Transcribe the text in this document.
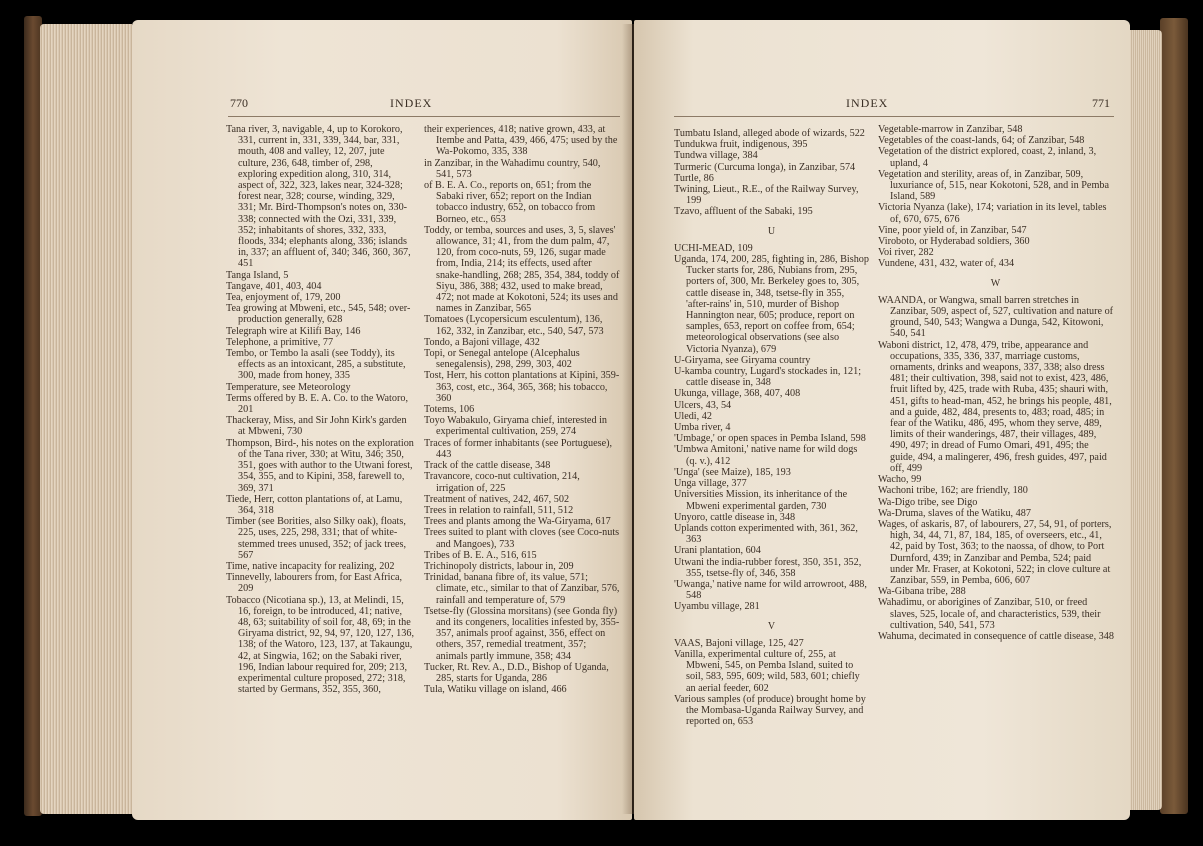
770	INDEX

Tana river, 3, navigable, 4, up to Korokoro, 331, current in, 331, 339, 344, bar, 331, mouth, 408 and valley, 12, 207, jute culture, 236, 648, timber of, 298, exploring expedition along, 310, 314, aspect of, 322, 323, lakes near, 324-328; forest near, 328; course, winding, 329, 331; Mr. Bird-Thompson's notes on, 330-338; connected with the Ozi, 331, 339, 352; inhabitants of shores, 332, 333, floods, 334; elephants along, 336; islands in, 337; an affluent of, 340; 346, 360, 367, 451

Tanga Island, 5

Tangave, 401, 403, 404

Tea, enjoyment of, 179, 200

Tea growing at Mbweni, etc., 545, 548; over-production generally, 628

Telegraph wire at Kilifi Bay, 146

Telephone, a primitive, 77

Tembo, or Tembo la asali (see Toddy), its effects as an intoxicant, 285, a substitute, 300, made from honey, 335

Temperature, see Meteorology

Terms offered by B. E. A. Co. to the Watoro, 201

Thackeray, Miss, and Sir John Kirk's garden at Mbweni, 730

Thompson, Bird-, his notes on the exploration of the Tana river, 330; at Witu, 346; 350, 351, goes with author to the Utwani forest, 354, 355, and to Kipini, 358, farewell to, 369, 371

Tiede, Herr, cotton plantations of, at Lamu, 364, 318

Timber (see Borities, also Silky oak), floats, 225, uses, 225, 298, 331; that of white-stemmed trees unused, 352; of jack trees, 567

Time, native incapacity for realizing, 202

Tinnevelly, labourers from, for East Africa, 209

Tobacco (Nicotiana sp.), 13, at Melindi, 15, 16, foreign, to be introduced, 41; native, 48, 63; suitability of soil for, 48, 69; in the Giryama district, 92, 94, 97, 120, 127, 136, 138; of the Watoro, 123, 137, at Takaungu, 42, at Singwia, 162; on the Sabaki river, 196, Indian labour required for, 209; 213, experimental culture proposed, 272; 318, started by Germans, 352, 355, 360,

their experiences, 418; native grown, 433, at Itembe and Patta, 439, 466, 475; used by the Wa-Pokomo, 335, 338

in Zanzibar, in the Wahadimu country, 540, 541, 573

of B. E. A. Co., reports on, 651; from the Sabaki river, 652; report on the Indian tobacco industry, 652, on tobacco from Borneo, etc., 653

Toddy, or temba, sources and uses, 3, 5, slaves' allowance, 31; 41, from the dum palm, 47, 120, from coco-nuts, 59, 126, sugar made from, India, 214; its effects, used after snake-handling, 268; 285, 354, 384, toddy of Siyu, 386, 388; 432, used to make bread, 472; not made at Kokotoni, 524; its uses and names in Zanzibar, 565

Tomatoes (Lycopersicum esculentum), 136, 162, 332, in Zanzibar, etc., 540, 547, 573

Tondo, a Bajoni village, 432

Topi, or Senegal antelope (Alcephalus senegalensis), 298, 299, 303, 402

Tost, Herr, his cotton plantations at Kipini, 359-363, cost, etc., 364, 365, 368; his tobacco, 360

Totems, 106

Toyo Wabakulo, Giryama chief, interested in experimental cultivation, 259, 274

Traces of former inhabitants (see Portuguese), 443

Track of the cattle disease, 348

Travancore, coco-nut cultivation, 214, irrigation of, 225

Treatment of natives, 242, 467, 502

Trees in relation to rainfall, 511, 512

Trees and plants among the Wa-Giryama, 617

Trees suited to plant with cloves (see Coco-nuts and Mangoes), 733

Tribes of B. E. A., 516, 615

Trichinopoly districts, labour in, 209

Trinidad, banana fibre of, its value, 571; climate, etc., similar to that of Zanzibar, 576, rainfall and temperature of, 579

Tsetse-fly (Glossina morsitans) (see Gonda fly) and its congeners, localities infested by, 355-357, animals proof against, 356, effect on others, 357, remedial treatment, 357; animals partly immune, 358; 434

Tucker, Rt. Rev. A., D.D., Bishop of Uganda, 285, starts for Uganda, 286

Tula, Watiku village on island, 466

INDEX	771

Tumbatu Island, alleged abode of wizards, 522

Tundukwa fruit, indigenous, 395

Tundwa village, 384

Turmeric (Curcuma longa), in Zanzibar, 574

Turtle, 86

Twining, Lieut., R.E., of the Railway Survey, 199

Tzavo, affluent of the Sabaki, 195

U

UCHI-MEAD, 109

Uganda, 174, 200, 285, fighting in, 286, Bishop Tucker starts for, 286, Nubians from, 295, porters of, 300, Mr. Berkeley goes to, 305, cattle disease in, 348, tsetse-fly in 355, 'after-rains' in, 510, murder of Bishop Hannington near, 605; produce, report on samples, 653, report on coffee from, 654; meteorological observations (see also Victoria Nyanza), 679

U-Giryama, see Giryama country

U-kamba country, Lugard's stockades in, 121; cattle disease in, 348

Ukunga, village, 368, 407, 408

Ulcers, 43, 54

Uledi, 42

Umba river, 4

'Umbage,' or open spaces in Pemba Island, 598

'Umbwa Amitoni,' native name for wild dogs (q. v.), 412

'Unga' (see Maize), 185, 193

Unga village, 377

Universities Mission, its inheritance of the Mbweni experimental garden, 730

Unyoro, cattle disease in, 348

Uplands cotton experimented with, 361, 362, 363

Urani plantation, 604

Utwani the india-rubber forest, 350, 351, 352, 355, tsetse-fly of, 346, 358

'Uwanga,' native name for wild arrowroot, 488, 548

Uyambu village, 281

V

VAAS, Bajoni village, 125, 427

Vanilla, experimental culture of, 255, at Mbweni, 545, on Pemba Island, suited to soil, 583, 595, 609; wild, 583, 601; chiefly an aerial feeder, 602

Various samples (of produce) brought home by the Mombasa-Uganda Railway Survey, and reported on, 653

Vegetable-marrow in Zanzibar, 548

Vegetables of the coast-lands, 64; of Zanzibar, 548

Vegetation of the district explored, coast, 2, inland, 3, upland, 4

Vegetation and sterility, areas of, in Zanzibar, 509, luxuriance of, 515, near Kokotoni, 528, and in Pemba Island, 589

Victoria Nyanza (lake), 174; variation in its level, tables of, 670, 675, 676

Vine, poor yield of, in Zanzibar, 547

Viroboto, or Hyderabad soldiers, 360

Voi river, 282

Vundene, 431, 432, water of, 434

W

WAANDA, or Wangwa, small barren stretches in Zanzibar, 509, aspect of, 527, cultivation and nature of ground, 540, 543; Wangwa a Dunga, 542, Kitowoni, 540, 541

Waboni district, 12, 478, 479, tribe, appearance and occupations, 335, 336, 337, marriage customs, ornaments, drinks and weapons, 337, 338; also dress 481; their cultivation, 398, said not to exist, 423, 486, fruit lifted by, 425, trade with Ruba, 435; shauri with, 451, gifts to head-man, 452, he brings his people, 481, and a guide, 482, 484, presents to, 483; road, 485; in fear of the Watiku, 486, 495, whom they serve, 489, limits of their wanderings, 487, their villages, 489, 490, 497; in dread of Fumo Omari, 491, 495; the guide, 494, a malingerer, 496, fresh guides, 497, paid off, 499

Wacho, 99

Wachoni tribe, 162; are friendly, 180

Wa-Digo tribe, see Digo

Wa-Druma, slaves of the Watiku, 487

Wages, of askaris, 87, of labourers, 27, 54, 91, of porters, high, 34, 44, 71, 87, 184, 185, of overseers, etc., 41, 42, paid by Tost, 363; to the naossa, of dhow, to Port Durnford, 439; in Zanzibar and Pemba, 524; paid under Mr. Fraser, at Kokotoni, 522; in clove culture at Zanzibar, 559, in Pemba, 606, 607

Wa-Gibana tribe, 288

Wahadimu, or aborigines of Zanzibar, 510, or freed slaves, 525, locale of, and characteristics, 539, their cultivation, 540, 541, 573

Wahuma, decimated in consequence of cattle disease, 348
